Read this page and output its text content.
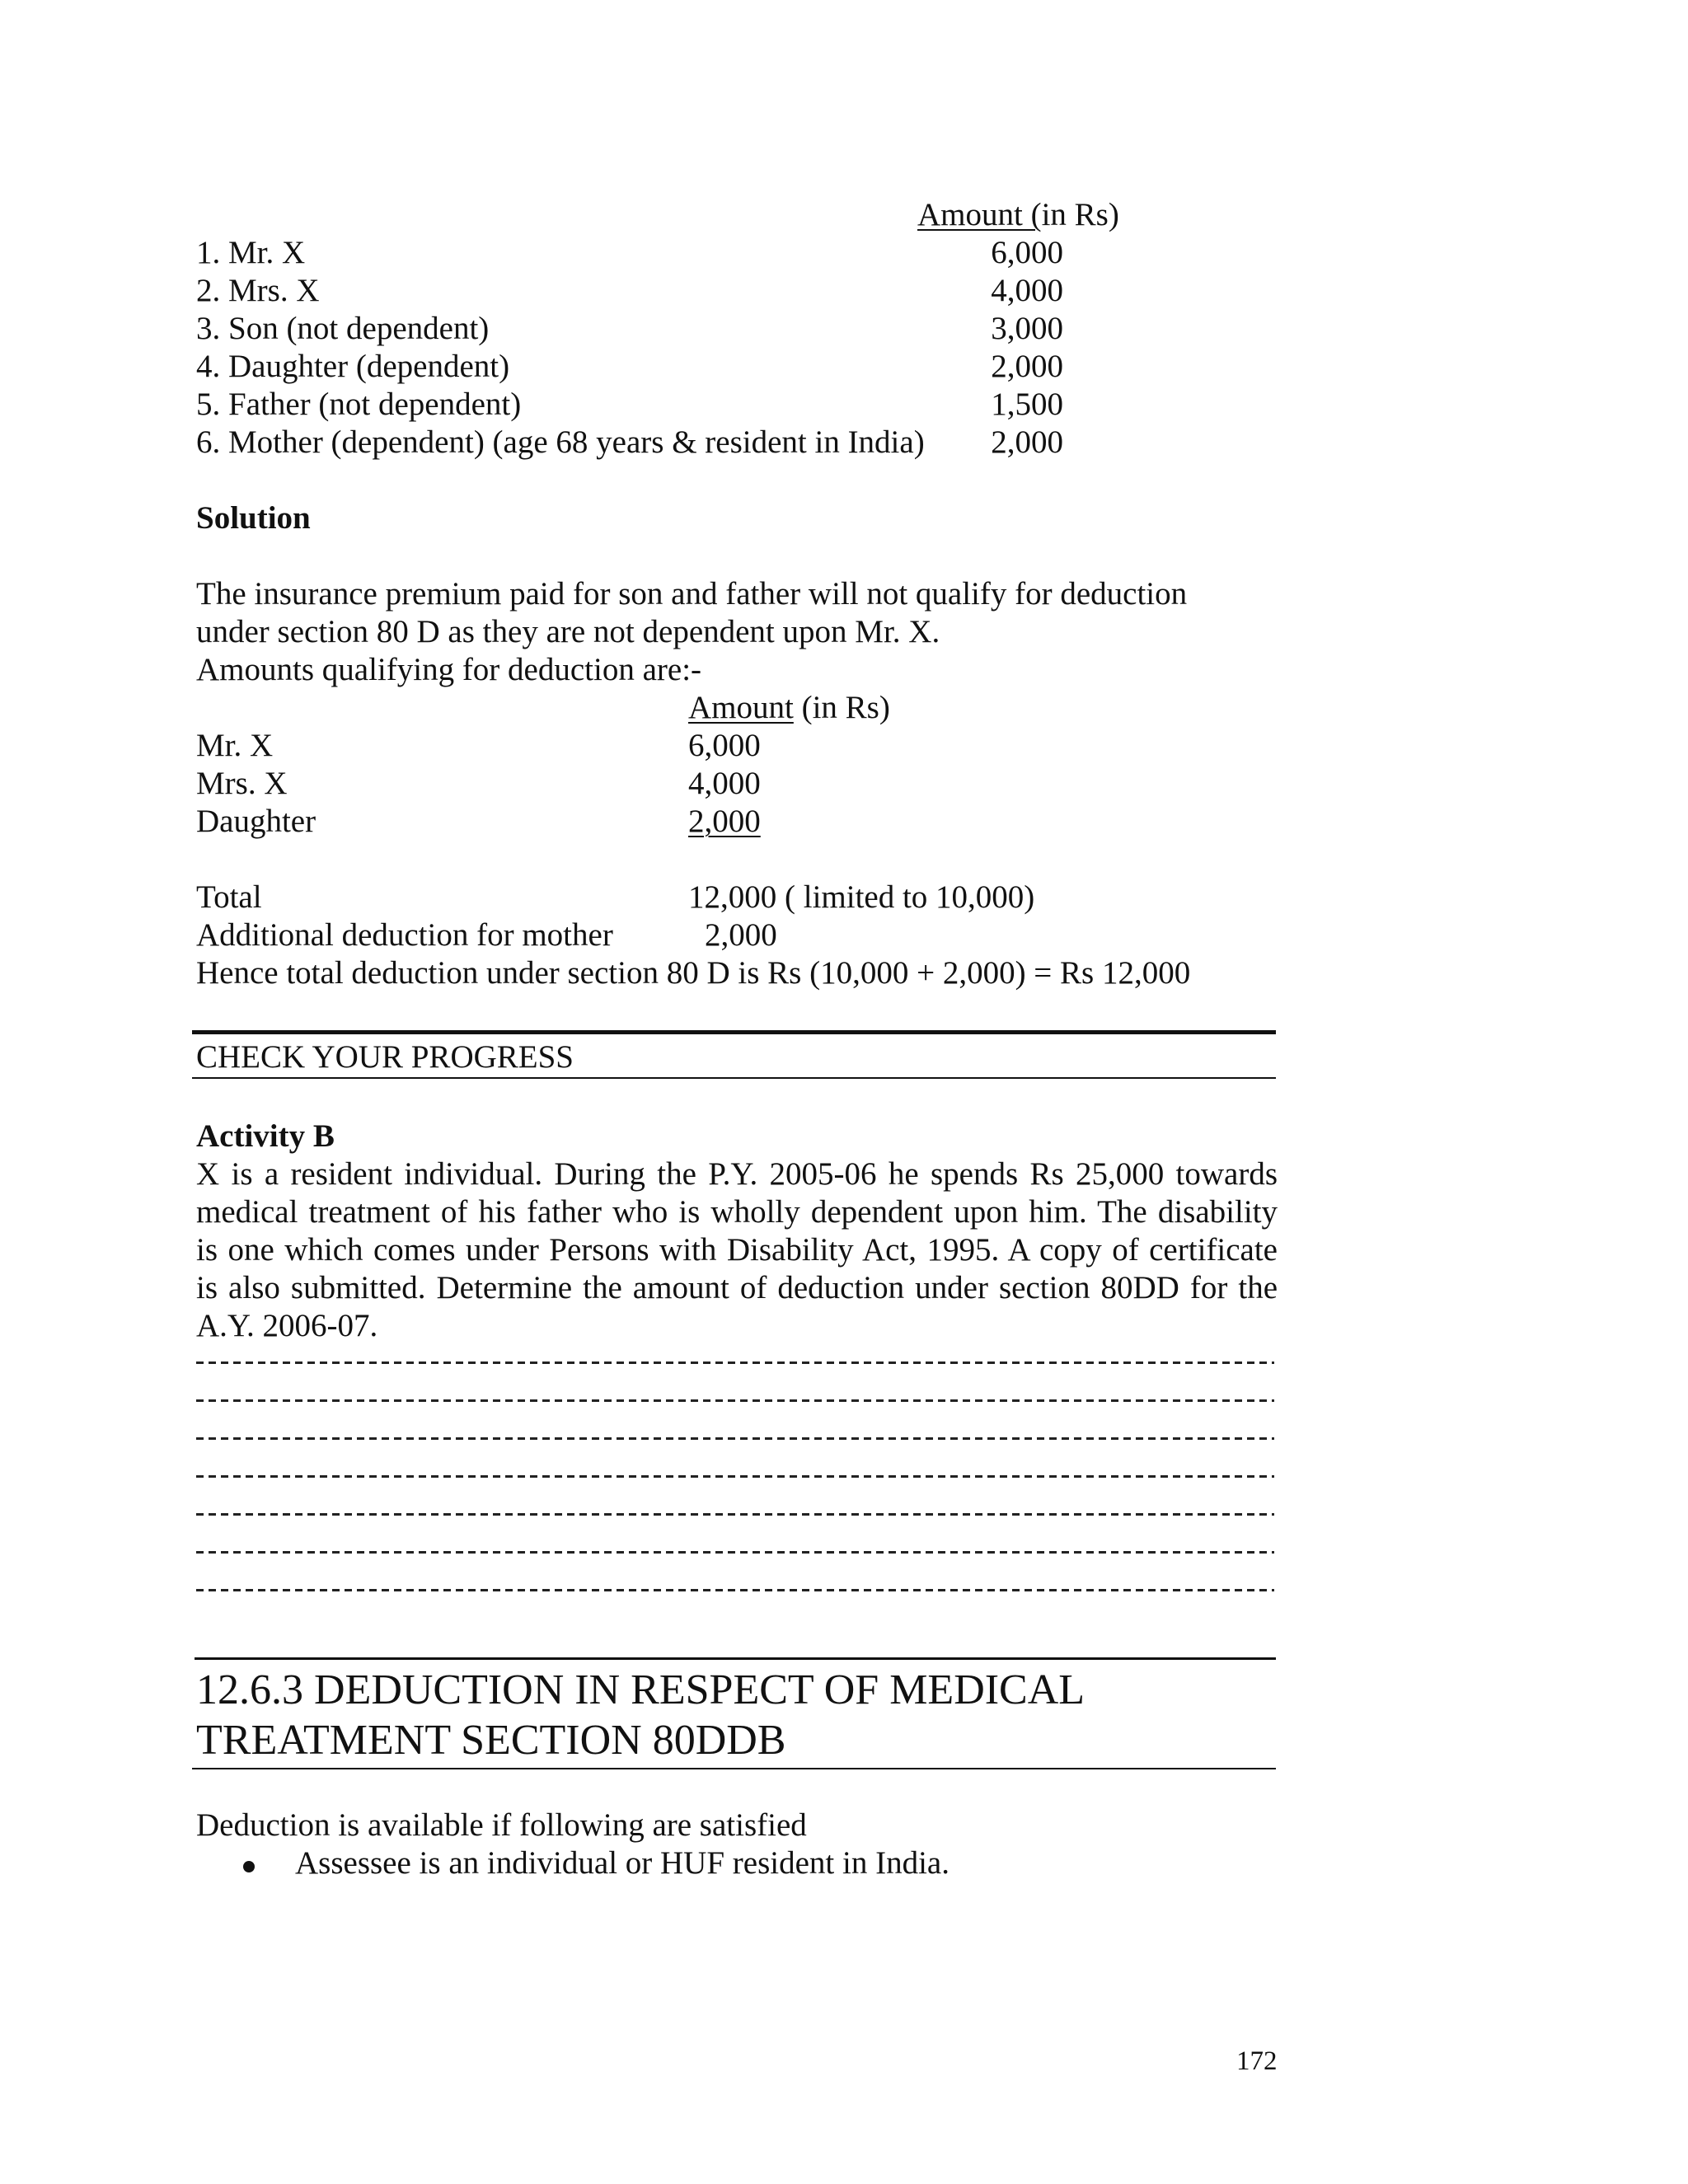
Amount (in Rs)

1. Mr. X	6,000

2. Mrs. X	4,000

3. Son (not dependent)	3,000

4. Daughter (dependent)	2,000

5. Father (not dependent)	1,500

6. Mother (dependent) (age 68 years & resident in India)	2,000

Solution

The insurance premium paid for son and father will not qualify for deduction

under section 80 D as they are not dependent upon Mr. X.

Amounts qualifying for deduction are:-

Amount (in Rs)

Mr. X	6,000

Mrs. X	4,000

Daughter	2,000

Total	12,000 ( limited to 10,000)

Additional deduction for mother	2,000

Hence total deduction under section 80 D is Rs (10,000 + 2,000) = Rs 12,000

CHECK YOUR PROGRESS

Activity B

X is a resident individual. During the P.Y. 2005-06 he spends Rs 25,000 towards

medical treatment of his father who is wholly dependent upon him. The disability

is one which comes under Persons with Disability Act, 1995. A copy of certificate

is also submitted. Determine the amount of deduction under section 80DD for the

A.Y. 2006-07.

12.6.3 DEDUCTION IN RESPECT OF MEDICAL

TREATMENT SECTION 80DDB

Deduction is available if following are satisfied

Assessee is an individual or HUF resident in India.

172
